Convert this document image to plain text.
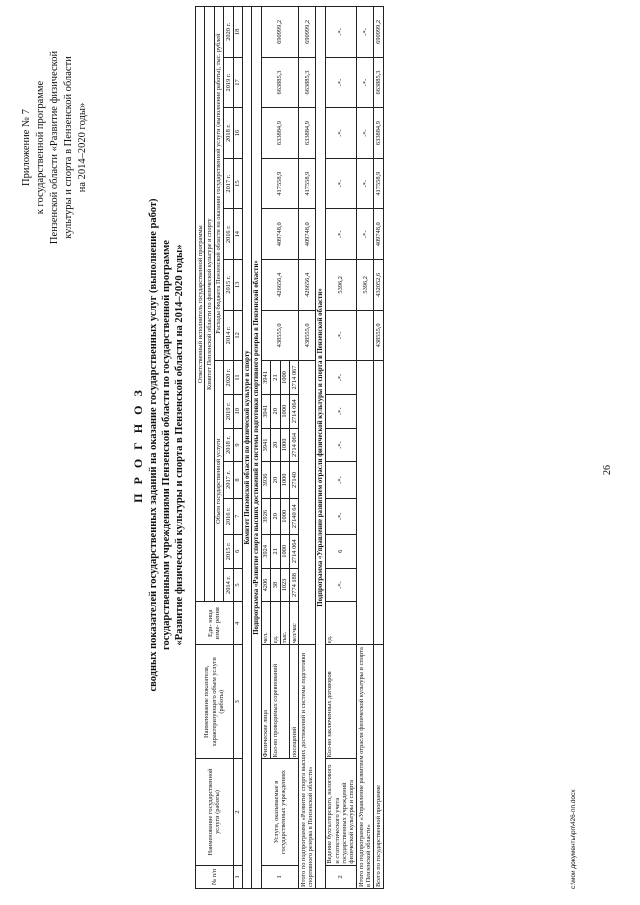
26
Приложение № 7 к государственной программе Пензенской области «Развитие физической культуры и спорта в Пензенской области на 2014–2020 годы»
П Р О Г Н О З сводных показателей государственных заданий на оказание государственных услуг (выполнение работ) государственными учреждениями Пензенской области по государственной программе «Развитие физической культуры и спорта в Пензенской области на 2014–2020 годы»
№ п/п	Наименование государственной услуги (работы)	Наименование показателя, характеризующего объем услуги (работы)	Еди- ница изме- рения	Ответственный исполнитель государственной программы													
				Комитет Пензенской области по физической культуре и спорту													
				Объем государственной услуги							Расходы бюджета Пензенской области на оказание государственной услуги (выполнение работы), тыс. рублей						
				2014 г.	2015 г.	2016 г.	2017 г.	2018 г.	2019 г.	2020 г.	2014 г.	2015 г.	2016 г.	2017 г.	2018 г.	2019 г.	2020 г.
1	2	3	4	5	6	7	8	9	10	11	12	13	14	15	16	17	18
Комитет Пензенской области по физической культуре и спорту																	
Подпрограмма «Развитие спорта высших достижений и системы подготовки спортивного резерва в Пензенской области»																	
1	Услуги, оказываемые в государственных учреждениях	Физические лица	чел.	4206	3924	3926	3936	3941	3941	3941	438555,0	426656,4	409748,0	417558,9	633884,9	663885,3	690999,2
		Кол-во проводимых соревнований	ед.	38	21	20	20	20	20	21							
			тыс.	1023	1000	1000	1000	1000	1000	1000							
		посещений	чел/час	2774 188	2714 064	27140 64	27140	2714 064	2714 064	2714 067							
Итого по подпрограмме «Развитие спорта высших достижений и системы подготовки спортивного резерва в Пензенской области»											438555,0	426656,4	409748,0	417558,9	633884,9	663885,3	690999,2
Подпрограмма «Управление развитием отрасли физической культуры и спорта в Пензенской области»																	
2	Ведение бухгалтерского, налогового и статистического учета государственных учреждений физической культуры и спорта	Кол-во заключенных договоров	ед.	-*-	6	-*-	-*-	-*-	-*-	-*-	-*-	5396,2	-*-	-*-	-*-	-*-	-*-
Итого по подпрограмме «Управление развитием отрасли физической культуры и спорта в Пензенской области»												5396,2	-*-	-*-	-*-	-*-	-*-
Всего по государственной программе											438555,0	432052,6	409748,0	417558,9	633884,9	663885,3	690999,2
c:\мои документы\рп\426-пп.docx
